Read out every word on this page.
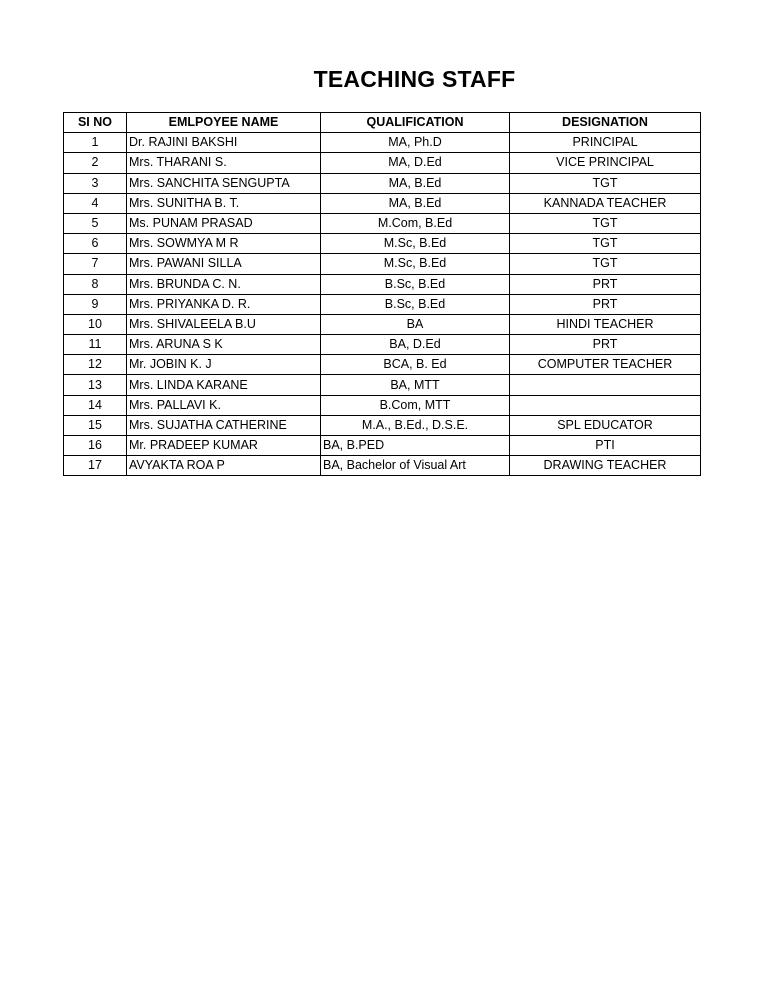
TEACHING STAFF
SI NO	EMLPOYEE NAME	QUALIFICATION	DESIGNATION
1	Dr. RAJINI BAKSHI	MA, Ph.D	PRINCIPAL
2	Mrs. THARANI S.	MA, D.Ed	VICE PRINCIPAL
3	Mrs. SANCHITA SENGUPTA	MA, B.Ed	TGT
4	Mrs. SUNITHA B. T.	MA, B.Ed	KANNADA TEACHER
5	Ms. PUNAM PRASAD	M.Com, B.Ed	TGT
6	Mrs. SOWMYA M R	M.Sc, B.Ed	TGT
7	Mrs. PAWANI SILLA	M.Sc, B.Ed	TGT
8	Mrs. BRUNDA C. N.	B.Sc, B.Ed	PRT
9	Mrs. PRIYANKA D. R.	B.Sc, B.Ed	PRT
10	Mrs. SHIVALEELA B.U	BA	HINDI TEACHER
11	Mrs. ARUNA S K	BA, D.Ed	PRT
12	Mr. JOBIN K. J	BCA, B. Ed	COMPUTER TEACHER
13	Mrs. LINDA KARANE	BA, MTT	
14	Mrs. PALLAVI K.	B.Com, MTT	
15	Mrs. SUJATHA CATHERINE	M.A., B.Ed., D.S.E.	SPL EDUCATOR
16	Mr. PRADEEP KUMAR	BA, B.PED	PTI
17	AVYAKTA ROA P	BA, Bachelor of Visual Art	DRAWING TEACHER
